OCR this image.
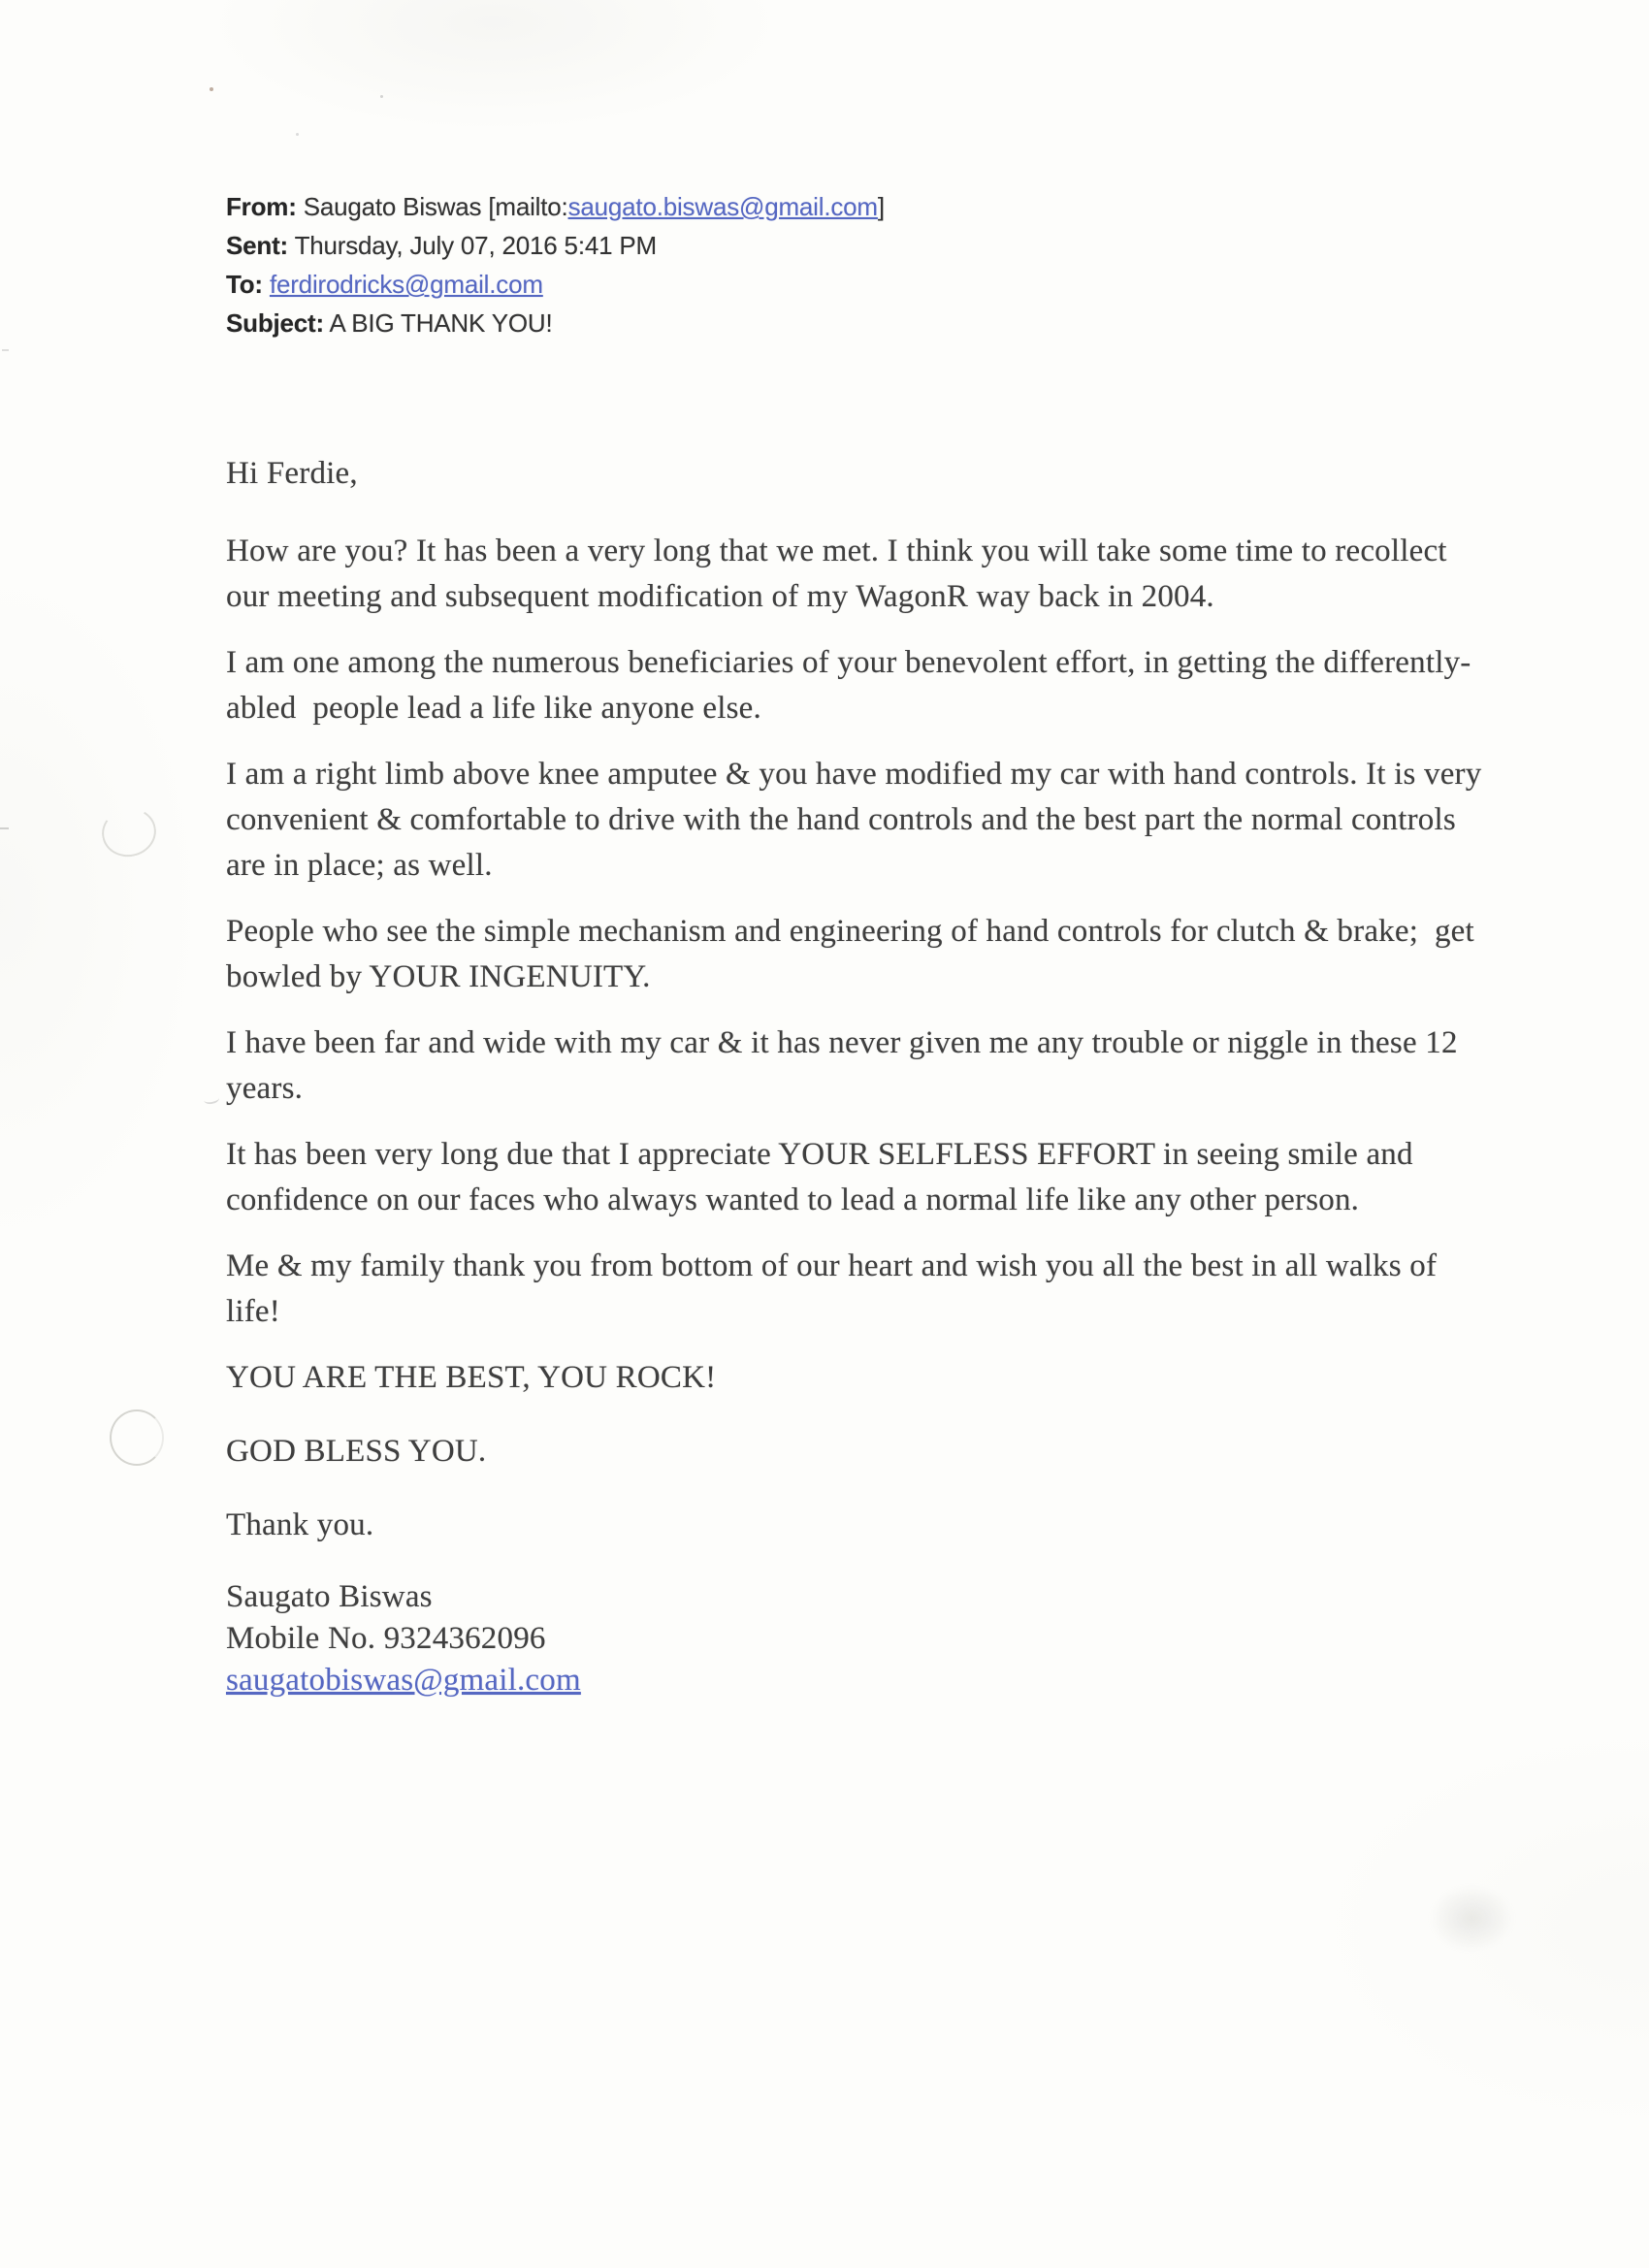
From: Saugato Biswas [mailto:saugato.biswas@gmail.com]
Sent: Thursday, July 07, 2016 5:41 PM
To: ferdirodricks@gmail.com
Subject: A BIG THANK YOU!
Hi Ferdie,
How are you? It has been a very long that we met. I think you will take some time to recollect
our meeting and subsequent modification of my WagonR way back in 2004.
I am one among the numerous beneficiaries of your benevolent effort, in getting the differently-
abled  people lead a life like anyone else.
I am a right limb above knee amputee & you have modified my car with hand controls. It is very
convenient & comfortable to drive with the hand controls and the best part the normal controls
are in place; as well.
People who see the simple mechanism and engineering of hand controls for clutch & brake;  get
bowled by YOUR INGENUITY.
I have been far and wide with my car & it has never given me any trouble or niggle in these 12
years.
It has been very long due that I appreciate YOUR SELFLESS EFFORT in seeing smile and
confidence on our faces who always wanted to lead a normal life like any other person.
Me & my family thank you from bottom of our heart and wish you all the best in all walks of
life!
YOU ARE THE BEST, YOU ROCK!
GOD BLESS YOU.
Thank you.
Saugato Biswas
Mobile No. 9324362096
saugatobiswas@gmail.com
